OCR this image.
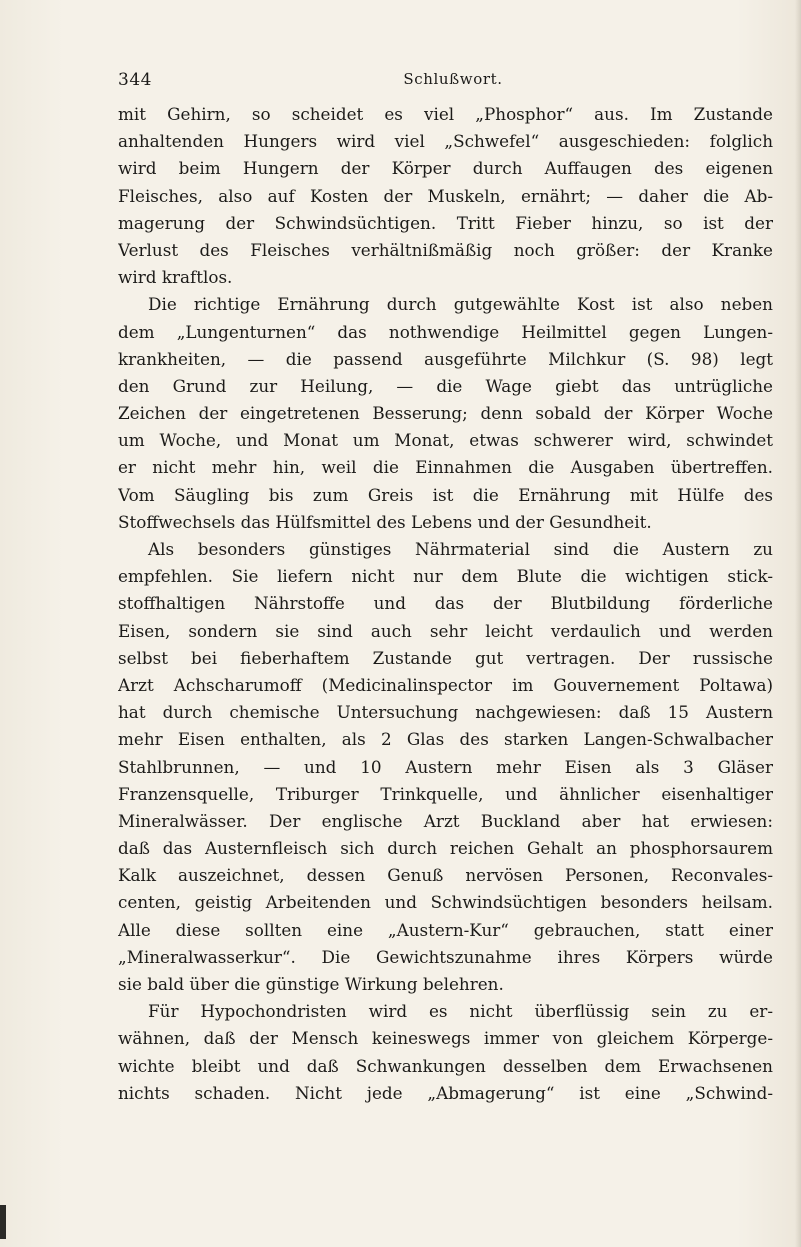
344	Schlußwort.
mit Gehirn, so scheidet es viel „Phosphor“ aus. Im Zustande
anhaltenden Hungers wird viel „Schwefel“ ausgeschieden: folglich
wird beim Hungern der Körper durch Auffaugen des eigenen
Fleisches, also auf Kosten der Muskeln, ernährt; — daher die Ab-
magerung der Schwindsüchtigen. Tritt Fieber hinzu, so ist der
Verlust des Fleisches verhältnißmäßig noch größer: der Kranke
wird kraftlos.
Die richtige Ernährung durch gutgewählte Kost ist also neben
dem „Lungenturnen“ das nothwendige Heilmittel gegen Lungen-
krankheiten, — die passend ausgeführte Milchkur (S. 98) legt
den Grund zur Heilung, — die Wage giebt das untrügliche
Zeichen der eingetretenen Besserung; denn sobald der Körper Woche
um Woche, und Monat um Monat, etwas schwerer wird, schwindet
er nicht mehr hin, weil die Einnahmen die Ausgaben übertreffen.
Vom Säugling bis zum Greis ist die Ernährung mit Hülfe des
Stoffwechsels das Hülfsmittel des Lebens und der Gesundheit.
Als besonders günstiges Nährmaterial sind die Austern zu
empfehlen. Sie liefern nicht nur dem Blute die wichtigen stick-
stoffhaltigen Nährstoffe und das der Blutbildung förderliche
Eisen, sondern sie sind auch sehr leicht verdaulich und werden
selbst bei fieberhaftem Zustande gut vertragen. Der russische
Arzt Achscharumoff (Medicinalinspector im Gouvernement Poltawa)
hat durch chemische Untersuchung nachgewiesen: daß 15 Austern
mehr Eisen enthalten, als 2 Glas des starken Langen-Schwalbacher
Stahlbrunnen, — und 10 Austern mehr Eisen als 3 Gläser
Franzensquelle, Triburger Trinkquelle, und ähnlicher eisenhaltiger
Mineralwässer. Der englische Arzt Buckland aber hat erwiesen:
daß das Austernfleisch sich durch reichen Gehalt an phosphorsaurem
Kalk auszeichnet, dessen Genuß nervösen Personen, Reconvales-
centen, geistig Arbeitenden und Schwindsüchtigen besonders heilsam.
Alle diese sollten eine „Austern-Kur“ gebrauchen, statt einer
„Mineralwasserkur“. Die Gewichtszunahme ihres Körpers würde
sie bald über die günstige Wirkung belehren.
Für Hypochondristen wird es nicht überflüssig sein zu er-
wähnen, daß der Mensch keineswegs immer von gleichem Körperge-
wichte bleibt und daß Schwankungen desselben dem Erwachsenen
nichts schaden. Nicht jede „Abmagerung“ ist eine „Schwind-
